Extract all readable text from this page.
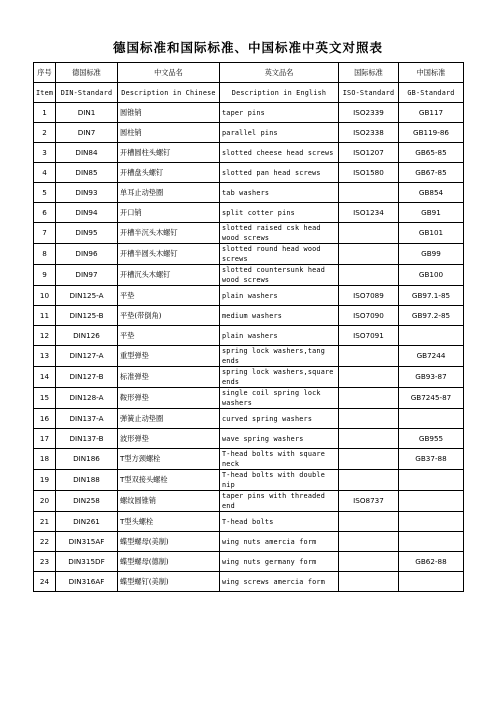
德国标准和国际标准、中国标准中英文对照表
序号	德国标准	中文品名	英文品名	国际标准	中国标准
Item	DIN-Standard	Description in Chinese	Description in English	ISO-Standard	GB-Standard
1	DIN1	圆锥销	taper pins	ISO2339	GB117
2	DIN7	圆柱销	parallel pins	ISO2338	GB119-86
3	DIN84	开槽圆柱头螺钉	slotted cheese head screws	ISO1207	GB65-85
4	DIN85	开槽盘头螺钉	slotted pan head screws	ISO1580	GB67-85
5	DIN93	单耳止动垫圈	tab washers		GB854
6	DIN94	开口销	split cotter pins	ISO1234	GB91
7	DIN95	开槽半沉头木螺钉	slotted raised csk head wood screws		GB101
8	DIN96	开槽半圆头木螺钉	slotted round head wood screws		GB99
9	DIN97	开槽沉头木螺钉	slotted countersunk head wood screws		GB100
10	DIN125-A	平垫	plain washers	ISO7089	GB97.1-85
11	DIN125-B	平垫(带倒角)	medium washers	ISO7090	GB97.2-85
12	DIN126	平垫	plain washers	ISO7091	
13	DIN127-A	重型弹垫	spring lock washers,tang ends		GB7244
14	DIN127-B	标准弹垫	spring lock washers,square ends		GB93-87
15	DIN128-A	鞍形弹垫	single coil spring lock washers		GB7245-87
16	DIN137-A	弹簧止动垫圈	curved spring washers		
17	DIN137-B	波形弹垫	wave spring washers		GB955
18	DIN186	T型方颈螺栓	T-head bolts with square neck		GB37-88
19	DIN188	T型双接头螺栓	T-head bolts with double nip		
20	DIN258	螺纹圆锥销	taper pins with threaded end	ISO8737	
21	DIN261	T型头螺栓	T-head bolts		
22	DIN315AF	蝶型螺母(美制)	wing nuts amercia form		
23	DIN315DF	蝶型螺母(德制)	wing nuts germany form		GB62-88
24	DIN316AF	蝶型螺钉(美制)	wing screws amercia form		
